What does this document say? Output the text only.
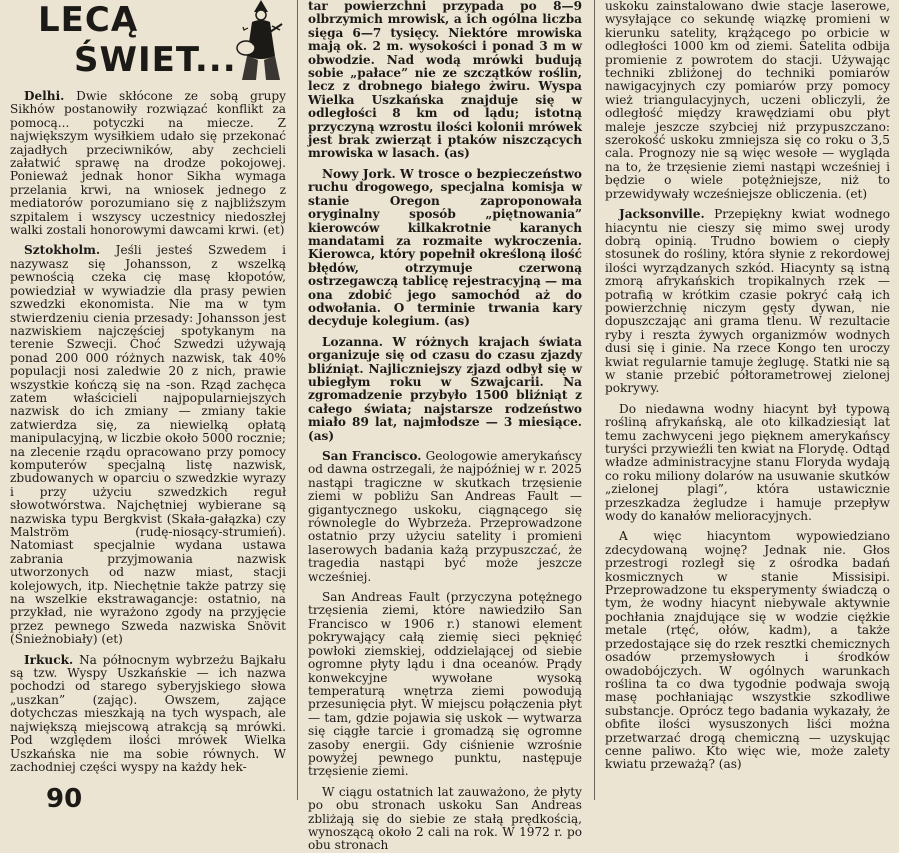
LECĄ
ŚWIET...

Delhi. Dwie skłócone ze sobą grupy Sikhów postanowiły rozwiązać konflikt za pomocą... potyczki na miecze. Z największym wysiłkiem udało się przekonać zajadłych przeciwników, aby zechcieli załatwić sprawę na drodze pokojowej. Ponieważ jednak honor Sikha wymaga przelania krwi, na wniosek jednego z mediatorów porozumiano się z najbliższym szpitalem i wszyscy uczestnicy niedoszłej walki zostali honorowymi dawcami krwi. (et)

Sztokholm. Jeśli jesteś Szwedem i nazywasz się Johansson, z wszelką pewnością czeka cię masę kłopotów, powiedział w wywiadzie dla prasy pewien szwedzki ekonomista. Nie ma w tym stwierdzeniu cienia przesady: Johansson jest nazwiskiem najczęściej spotykanym na terenie Szwecji. Choć Szwedzi używają ponad 200 000 różnych nazwisk, tak 40% populacji nosi zaledwie 20 z nich, prawie wszystkie kończą się na -son. Rząd zachęca zatem właścicieli najpopularniejszych nazwisk do ich zmiany — zmiany takie zatwierdza się, za niewielką opłatą manipulacyjną, w liczbie około 5000 rocznie; na zlecenie rządu opracowano przy pomocy komputerów specjalną listę nazwisk, zbudowanych w oparciu o szwedzkie wyrazy i przy użyciu szwedzkich reguł słowotwórstwa. Najchętniej wybierane są nazwiska typu Bergkvist (Skała-gałązka) czy Malström (rudę-niosący-strumień). Natomiast specjalnie wydana ustawa zabrania przyjmowania nazwisk utworzonych od nazw miast, stacji kolejowych, itp. Niechętnie także patrzy się na wszelkie ekstrawagancje: ostatnio, na przykład, nie wyrażono zgody na przyjęcie przez pewnego Szweda nazwiska Snövit (Śnieżnobiały) (et)

Irkuck. Na północnym wybrzeżu Bajkału są tzw. Wyspy Uszkańskie — ich nazwa pochodzi od starego syberyjskiego słowa „uszkan” (zając). Owszem, zające dotychczas mieszkają na tych wyspach, ale największą miejscową atrakcją są mrówki. Pod względem ilości mrówek Wielka Uszkańska nie ma sobie równych. W zachodniej części wyspy na każdy hek-

90

tar powierzchni przypada po 8—9 olbrzymich mrowisk, a ich ogólna liczba sięga 6—7 tysięcy. Niektóre mrowiska mają ok. 2 m. wysokości i ponad 3 m w obwodzie. Nad wodą mrówki budują sobie „pałace” nie ze szczątków roślin, lecz z drobnego białego żwiru. Wyspa Wielka Uszkańska znajduje się w odległości 8 km od lądu; istotną przyczyną wzrostu ilości kolonii mrówek jest brak zwierząt i ptaków niszczących mrowiska w lasach. (as)

Nowy Jork. W trosce o bezpieczeństwo ruchu drogowego, specjalna komisja w stanie Oregon zaproponowała oryginalny sposób „piętnowania” kierowców kilkakrotnie karanych mandatami za rozmaite wykroczenia. Kierowca, który popełnił określoną ilość błędów, otrzymuje czerwoną ostrzegawczą tablicę rejestracyjną — ma ona zdobić jego samochód aż do odwołania. O terminie trwania kary decyduje kolegium. (as)

Lozanna. W różnych krajach świata organizuje się od czasu do czasu zjazdy bliźniąt. Najliczniejszy zjazd odbył się w ubiegłym roku w Szwajcarii. Na zgromadzenie przybyło 1500 bliźniąt z całego świata; najstarsze rodzeństwo miało 89 lat, najmłodsze — 3 miesiące. (as)

San Francisco. Geologowie amerykańscy od dawna ostrzegali, że najpóźniej w r. 2025 nastąpi tragiczne w skutkach trzęsienie ziemi w pobliżu San Andreas Fault — gigantycznego uskoku, ciągnącego się równolegle do Wybrzeża. Przeprowadzone ostatnio przy użyciu satelity i promieni laserowych badania każą przypuszczać, że tragedia nastąpi być może jeszcze wcześniej.

San Andreas Fault (przyczyna potężnego trzęsienia ziemi, które nawiedziło San Francisco w 1906 r.) stanowi element pokrywający całą ziemię sieci pęknięć powłoki ziemskiej, oddzielającej od siebie ogromne płyty lądu i dna oceanów. Prądy konwekcyjne wywołane wysoką temperaturą wnętrza ziemi powodują przesunięcia płyt. W miejscu połączenia płyt — tam, gdzie pojawia się uskok — wytwarza się ciągłe tarcie i gromadzą się ogromne zasoby energii. Gdy ciśnienie wzrośnie powyżej pewnego punktu, następuje trzęsienie ziemi.

W ciągu ostatnich lat zauważono, że płyty po obu stronach uskoku San Andreas zbliżają się do siebie ze stałą prędkością, wynoszącą około 2 cali na rok. W 1972 r. po obu stronach

uskoku zainstalowano dwie stacje laserowe, wysyłające co sekundę wiązkę promieni w kierunku satelity, krążącego po orbicie w odległości 1000 km od ziemi. Satelita odbija promienie z powrotem do stacji. Używając techniki zbliżonej do techniki pomiarów nawigacyjnych czy pomiarów przy pomocy wież triangulacyjnych, uczeni obliczyli, że odległość między krawędziami obu płyt maleje jeszcze szybciej niż przypuszczano: szerokość uskoku zmniejsza się co roku o 3,5 cala. Prognozy nie są więc wesołe — wygląda na to, że trzęsienie ziemi nastąpi wcześniej i będzie o wiele potężniejsze, niż to przewidywały wcześniejsze obliczenia. (et)

Jacksonville. Przepiękny kwiat wodnego hiacyntu nie cieszy się mimo swej urody dobrą opinią. Trudno bowiem o ciepły stosunek do rośliny, która słynie z rekordowej ilości wyrządzanych szkód. Hiacynty są istną zmorą afrykańskich tropikalnych rzek — potrafią w krótkim czasie pokryć całą ich powierzchnię niczym gęsty dywan, nie dopuszczając ani grama tlenu. W rezultacie ryby i reszta żywych organizmów wodnych dusi się i ginie. Na rzece Kongo ten uroczy kwiat regularnie tamuje żeglugę. Statki nie są w stanie przebić półtorametrowej zielonej pokrywy.

Do niedawna wodny hiacynt był typową rośliną afrykańską, ale oto kilkadziesiąt lat temu zachwyceni jego pięknem amerykańscy turyści przywieźli ten kwiat na Florydę. Odtąd władze administracyjne stanu Floryda wydają co roku miliony dolarów na usuwanie skutków „zielonej plagi”, która ustawicznie przeszkadza żegludze i hamuje przepływ wody do kanałów melioracyjnych.

A więc hiacyntom wypowiedziano zdecydowaną wojnę? Jednak nie. Głos przestrogi rozległ się z ośrodka badań kosmicznych w stanie Missisipi. Przeprowadzone tu eksperymenty świadczą o tym, że wodny hiacynt niebywale aktywnie pochłania znajdujące się w wodzie ciężkie metale (rtęć, ołów, kadm), a także przedostające się do rzek resztki chemicznych osadów przemysłowych i środków owadobójczych. W ogólnych warunkach roślina ta co dwa tygodnie podwaja swoją masę pochłaniając wszystkie szkodliwe substancje. Oprócz tego badania wykazały, że obfite ilości wysuszonych liści można przetwarzać drogą chemiczną — uzyskując cenne paliwo. Kto więc wie, może zalety kwiatu przeważą? (as)
